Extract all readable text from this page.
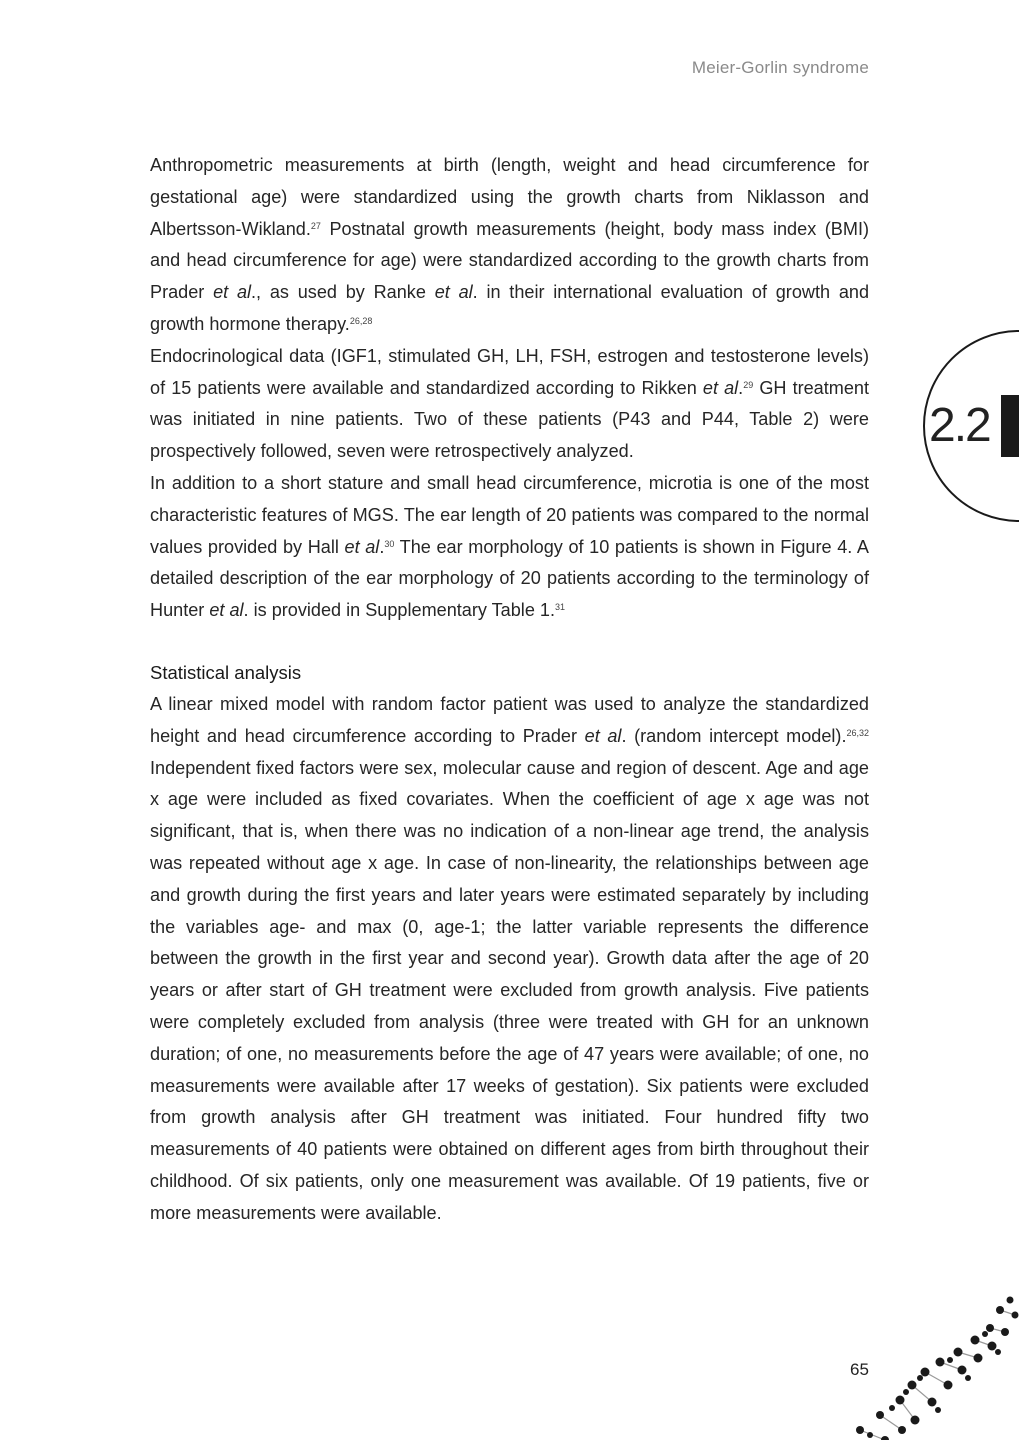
Meier-Gorlin syndrome

Anthropometric measurements at birth (length, weight and head circumference for gestational age) were standardized using the growth charts from Niklasson and Albertsson-Wikland.$^{27}$ Postnatal growth measurements (height, body mass index (BMI) and head circumference for age) were standardized according to the growth charts from Prader et al., as used by Ranke et al. in their international evaluation of growth and growth hormone therapy.$^{26,28}$

Endocrinological data (IGF1, stimulated GH, LH, FSH, estrogen and testosterone levels) of 15 patients were available and standardized according to Rikken et al.$^{29}$ GH treatment was initiated in nine patients. Two of these patients (P43 and P44, Table 2) were prospectively followed, seven were retrospectively analyzed.

In addition to a short stature and small head circumference, microtia is one of the most characteristic features of MGS. The ear length of 20 patients was compared to the normal values provided by Hall et al.$^{30}$ The ear morphology of 10 patients is shown in Figure 4. A detailed description of the ear morphology of 20 patients according to the terminology of Hunter et al. is provided in Supplementary Table 1.31

Statistical analysis

A linear mixed model with random factor patient was used to analyze the standardized height and head circumference according to Prader et al. (random intercept model).$^{26,32}$ Independent fixed factors were sex, molecular cause and region of descent. Age and age x age were included as fixed covariates. When the coefficient of age x age was not significant, that is, when there was no indication of a non-linear age trend, the analysis was repeated without age x age. In case of non-linearity, the relationships between age and growth during the first years and later years were estimated separately by including the variables age- and max (0, age-1; the latter variable represents the difference between the growth in the first year and second year). Growth data after the age of 20 years or after start of GH treatment were excluded from growth analysis. Five patients were completely excluded from analysis (three were treated with GH for an unknown duration; of one, no measurements before the age of 47 years were available; of one, no measurements were available after 17 weeks of gestation). Six patients were excluded from growth analysis after GH treatment was initiated. Four hundred fifty two measurements of 40 patients were obtained on different ages from birth throughout their childhood. Of six patients, only one measurement was available. Of 19 patients, five or more measurements were available.

2.2
65
